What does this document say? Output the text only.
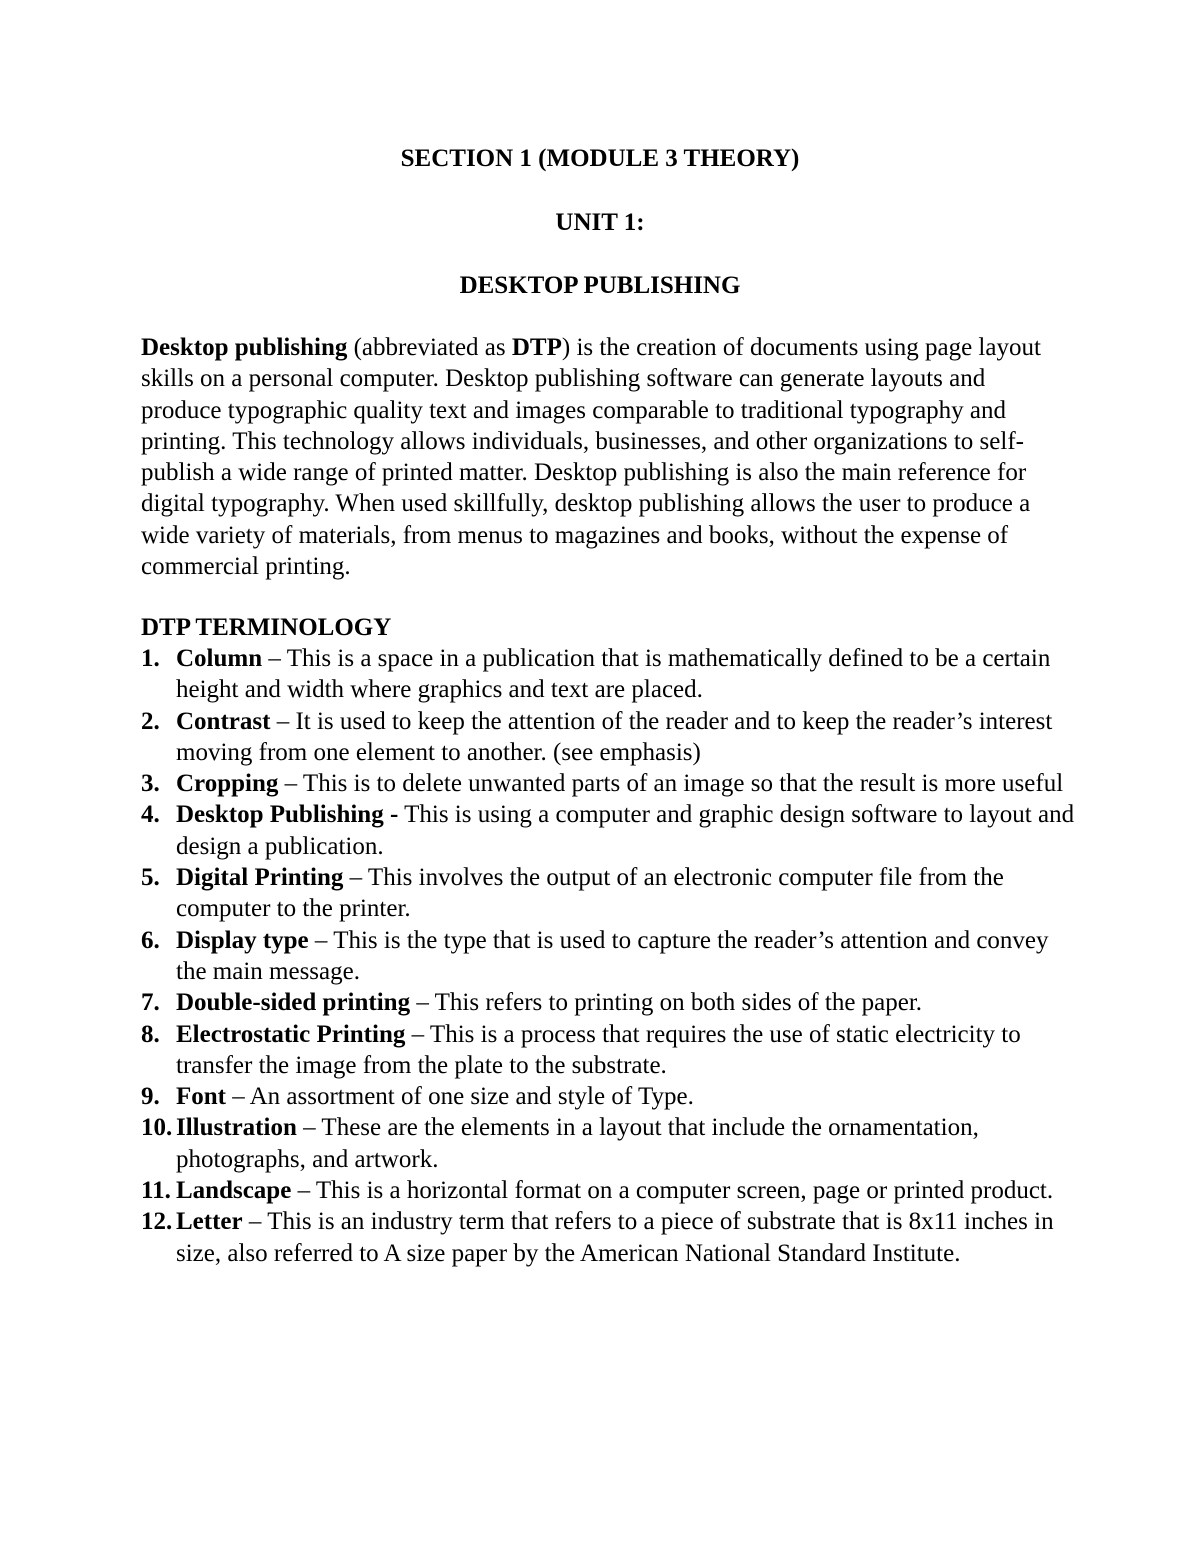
SECTION 1 (MODULE 3 THEORY)
UNIT 1:
DESKTOP PUBLISHING

Desktop publishing (abbreviated as DTP) is the creation of documents using page layout skills on a personal computer. Desktop publishing software can generate layouts and produce typographic quality text and images comparable to traditional typography and printing. This technology allows individuals, businesses, and other organizations to self-publish a wide range of printed matter. Desktop publishing is also the main reference for digital typography. When used skillfully, desktop publishing allows the user to produce a wide variety of materials, from menus to magazines and books, without the expense of commercial printing.

DTP TERMINOLOGY
1. Column – This is a space in a publication that is mathematically defined to be a certain height and width where graphics and text are placed.
2. Contrast – It is used to keep the attention of the reader and to keep the reader’s interest moving from one element to another. (see emphasis)
3. Cropping – This is to delete unwanted parts of an image so that the result is more useful
4. Desktop Publishing - This is using a computer and graphic design software to layout and design a publication.
5. Digital Printing – This involves the output of an electronic computer file from the computer to the printer.
6. Display type – This is the type that is used to capture the reader’s attention and convey the main message.
7. Double-sided printing – This refers to printing on both sides of the paper.
8. Electrostatic Printing – This is a process that requires the use of static electricity to transfer the image from the plate to the substrate.
9. Font – An assortment of one size and style of Type.
10. Illustration – These are the elements in a layout that include the ornamentation, photographs, and artwork.
11. Landscape – This is a horizontal format on a computer screen, page or printed product.
12. Letter – This is an industry term that refers to a piece of substrate that is 8x11 inches in size, also referred to A size paper by the American National Standard Institute.
